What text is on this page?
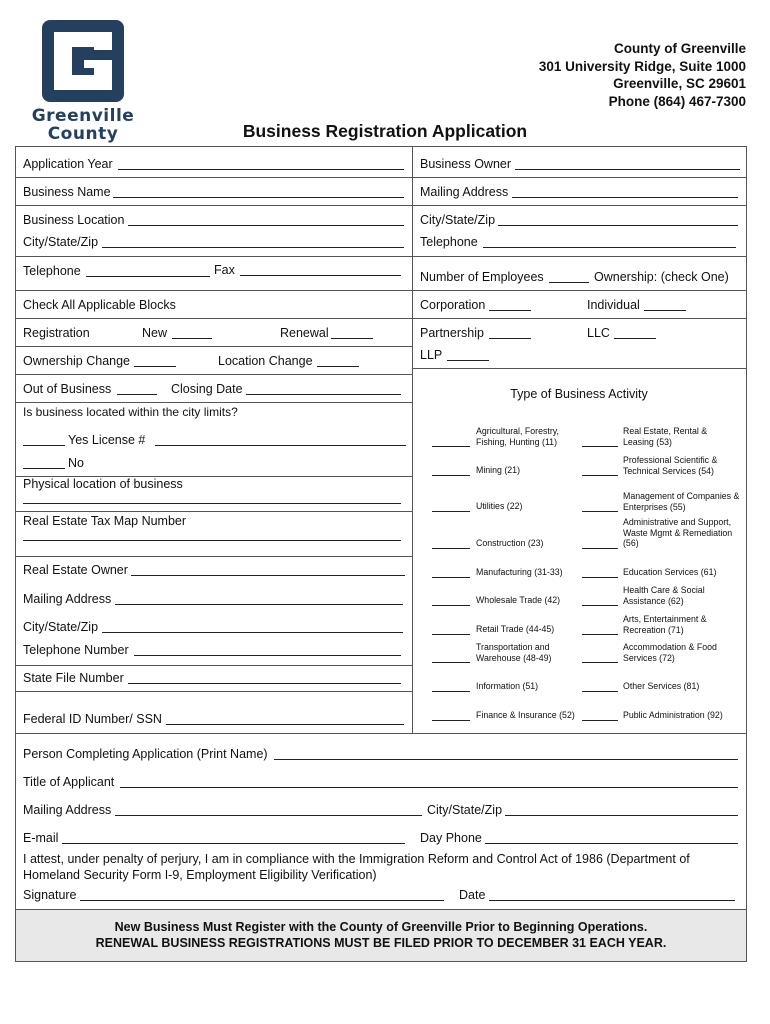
Greenville
County
County of Greenville
301 University Ridge, Suite 1000
Greenville, SC 29601
Phone (864) 467-7300
Business Registration Application
Application Year
Business Name
Business Location
City/State/Zip
Telephone	Fax
Check All Applicable Blocks
Registration	New	Renewal
Ownership Change	Location Change
Out of Business	Closing Date
Is business located within the city limits?
Yes License #
No
Physical location of business
Real Estate Tax Map Number
Real Estate Owner
Mailing Address
City/State/Zip
Telephone Number
State File Number
Federal ID Number/ SSN
Business Owner
Mailing Address
City/State/Zip
Telephone
Number of Employees	Ownership: (check One)
Corporation	Individual
Partnership	LLC
LLP
Type of Business Activity
Agricultural, Forestry, Fishing, Hunting (11)
Mining (21)
Utilities (22)
Construction (23)
Manufacturing (31-33)
Wholesale Trade (42)
Retail Trade (44-45)
Transportation and Warehouse (48-49)
Information (51)
Finance & Insurance (52)
Real Estate, Rental & Leasing (53)
Professional Scientific & Technical Services (54)
Management of Companies & Enterprises (55)
Administrative and Support, Waste Mgmt & Remediation (56)
Education Services (61)
Health Care & Social Assistance (62)
Arts, Entertainment & Recreation (71)
Accommodation & Food Services (72)
Other Services (81)
Public Administration (92)
Person Completing Application (Print Name)
Title of Applicant
Mailing Address	City/State/Zip
E-mail	Day Phone
I attest, under penalty of perjury, I am in compliance with the Immigration Reform and Control Act of 1986 (Department of Homeland Security Form I-9, Employment Eligibility Verification)
Signature	Date
New Business Must Register with the County of Greenville Prior to Beginning Operations.
RENEWAL BUSINESS REGISTRATIONS MUST BE FILED PRIOR TO DECEMBER 31 EACH YEAR.
